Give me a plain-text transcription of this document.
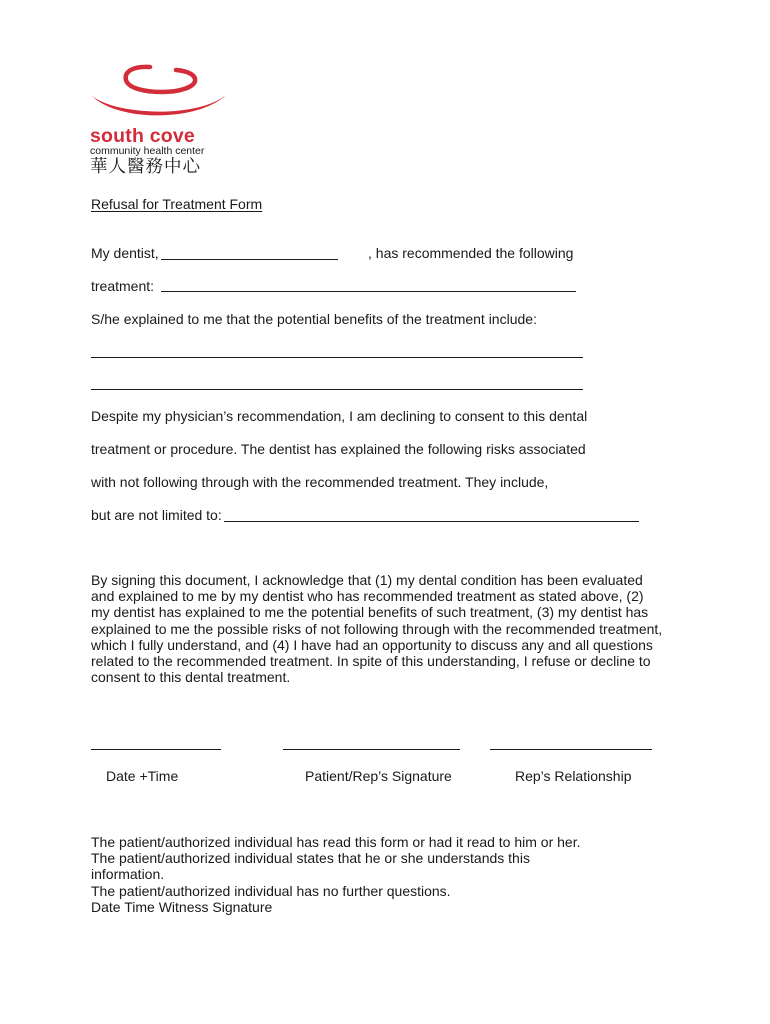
south cove
community health center
華人醫務中心
Refusal for Treatment Form
My dentist,	, has recommended the following
treatment:
S/he explained to me that the potential benefits of the treatment include:
Despite my physician’s recommendation, I am declining to consent to this dental
treatment or procedure. The dentist has explained the following risks associated
with not following through with the recommended treatment. They include,
but are not limited to:
By signing this document, I acknowledge that (1) my dental condition has been evaluated and explained to me by my dentist who has recommended treatment as stated above, (2) my dentist has explained to me the potential benefits of such treatment, (3) my dentist has explained to me the possible risks of not following through with the recommended treatment, which I fully understand, and (4) I have had an opportunity to discuss any and all questions related to the recommended treatment. In spite of this understanding, I refuse or decline to consent to this dental treatment.
Date +Time	Patient/Rep’s Signature	Rep’s Relationship
The patient/authorized individual has read this form or had it read to him or her.
The patient/authorized individual states that he or she understands this information.
The patient/authorized individual has no further questions.
Date Time Witness Signature
